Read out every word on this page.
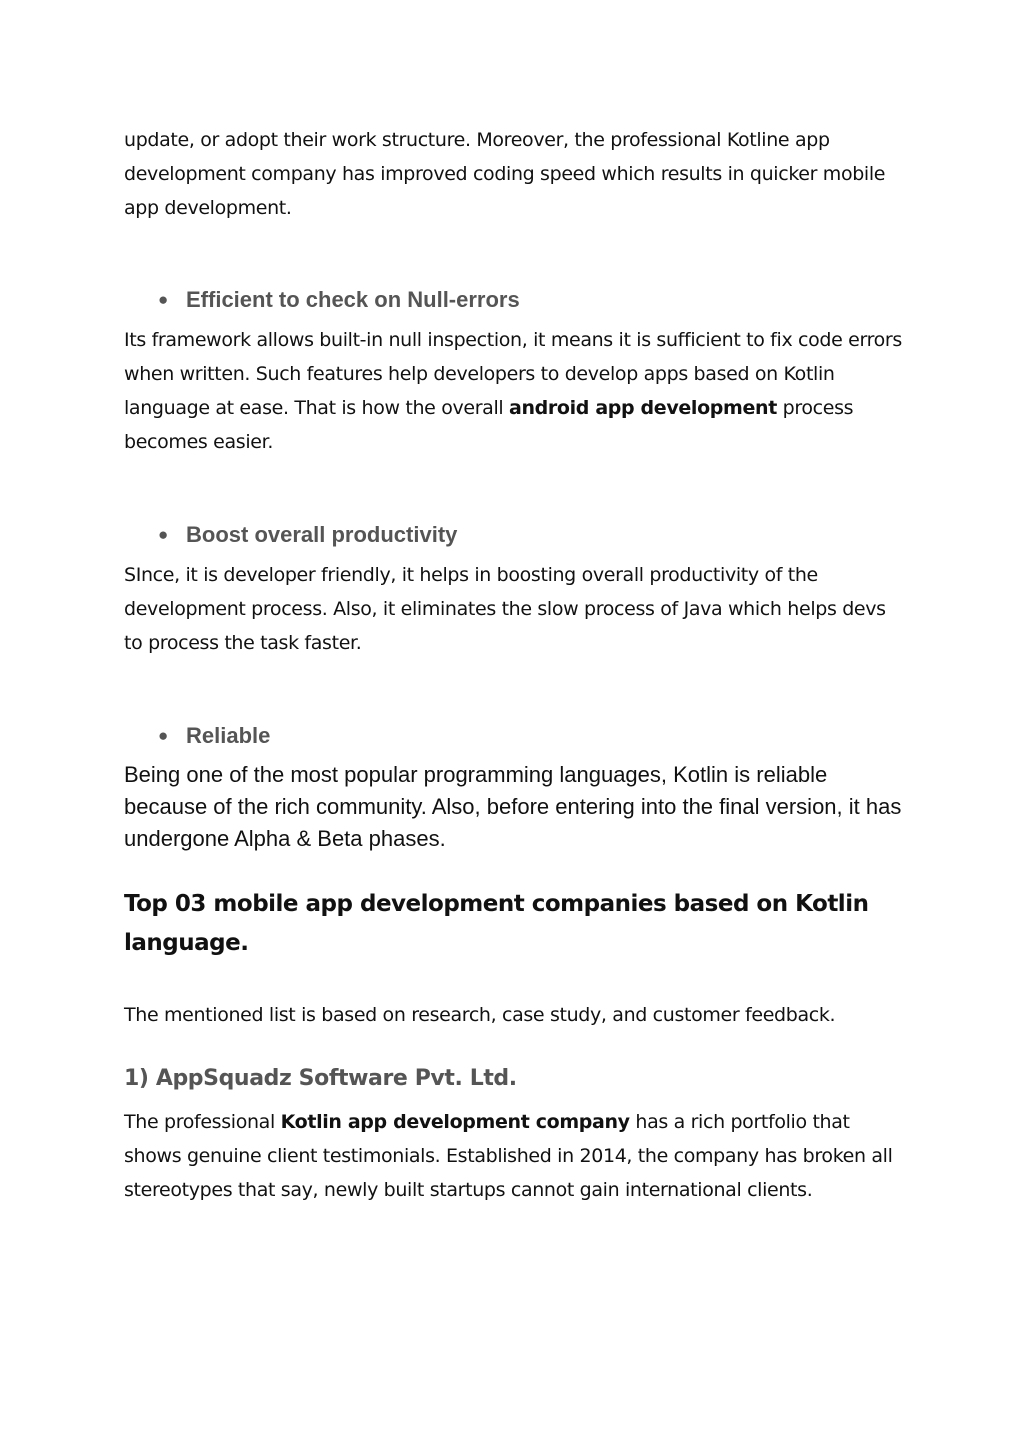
update, or adopt their work structure. Moreover, the professional Kotline app development company has improved coding speed which results in quicker mobile app development.

● Efficient to check on Null-errors

Its framework allows built-in null inspection, it means it is sufficient to fix code errors when written. Such features help developers to develop apps based on Kotlin language at ease. That is how the overall android app development process becomes easier.

● Boost overall productivity

SInce, it is developer friendly, it helps in boosting overall productivity of the development process. Also, it eliminates the slow process of Java which helps devs to process the task faster.

● Reliable

Being one of the most popular programming languages, Kotlin is reliable because of the rich community. Also, before entering into the final version, it has undergone Alpha & Beta phases.

Top 03 mobile app development companies based on Kotlin language.

The mentioned list is based on research, case study, and customer feedback.

1) AppSquadz Software Pvt. Ltd.

The professional Kotlin app development company has a rich portfolio that shows genuine client testimonials. Established in 2014, the company has broken all stereotypes that say, newly built startups cannot gain international clients.
